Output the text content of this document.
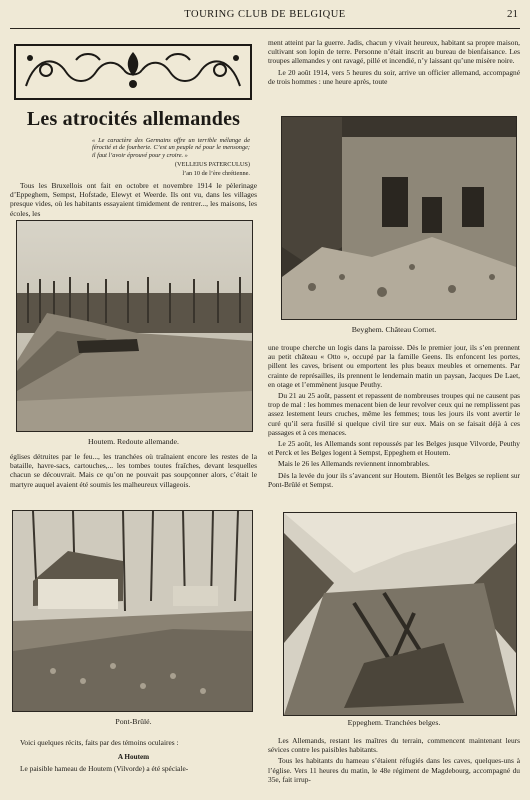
TOURING CLUB DE BELGIQUE	21
Les atrocités allemandes
« Le caractère des Germains offre un terrible mélange de férocité et de fourberie. C’est un peuple né pour le mensonge; il faut l’avoir éprouvé pour y croire. »
(VELLEIUS PATERCULUS)
l’an 10 de l’ère chrétienne.

Tous les Bruxellois ont fait en octobre et novembre 1914 le pèlerinage d’Eppeghem, Sempst, Hofstade, Elewyt et Weerde. Ils ont vu, dans les villages presque vides, où les habitants essayaient timidement de rentrer..., les maisons, les écoles, les

Houtem. Redoute allemande.

églises détruites par le feu..., les tranchées où traînaient encore les restes de la bataille, havre-sacs, cartouches,... les tombes toutes fraîches, devant lesquelles chacun se découvrait. Mais ce qu’on ne pouvait pas soupçonner alors, c’était le martyre auquel avaient été soumis les malheureux villageois.

Pont-Brûlé.

Voici quelques récits, faits par des témoins oculaires :

A Houtem

Le paisible hameau de Houtem (Vilvorde) a été spéciale-

ment atteint par la guerre. Jadis, chacun y vivait heureux, habitant sa propre maison, cultivant son lopin de terre. Personne n’était inscrit au bureau de bienfaisance. Les troupes allemandes y ont ravagé, pillé et incendié, n’y laissant qu’une misère noire.

Le 20 août 1914, vers 5 heures du soir, arrive un officier allemand, accompagné de trois hommes : une heure après, toute

Beyghem. Château Cornet.

une troupe cherche un logis dans la paroisse. Dès le premier jour, ils s’en prennent au petit château « Otto », occupé par la famille Geens. Ils enfoncent les portes, pillent les caves, brisent ou emportent les plus beaux meubles et ornements. Par crainte de représailles, ils prennent le lendemain matin un paysan, Jacques De Laet, en otage et l’emmènent jusque Peuthy.

Du 21 au 25 août, passent et repassent de nombreuses troupes qui ne causent pas trop de mal : les hommes menacent bien de leur revolver ceux qui ne remplissent pas assez lestement leurs cruches, même les femmes; tous les jours ils vont avertir le curé qu’il sera fusillé si quelque civil tire sur eux. Mais on se faisait déjà à ces passages et à ces menaces.

Le 25 août, les Allemands sont repoussés par les Belges jusque Vilvorde, Peuthy et Perck et les Belges logent à Sempst, Eppeghem et Houtem.

Mais le 26 les Allemands reviennent innombrables.

Dès la levée du jour ils s’avancent sur Houtem. Bientôt les Belges se replient sur Pont-Brûlé et Sempst.

Eppeghem. Tranchées belges.

Les Allemands, restant les maîtres du terrain, commencent maintenant leurs sévices contre les paisibles habitants.

Tous les habitants du hameau s’étaient réfugiés dans les caves, quelques-uns à l’église. Vers 11 heures du matin, le 48e régiment de Magdebourg, accompagné du 35e, fait irrup-
